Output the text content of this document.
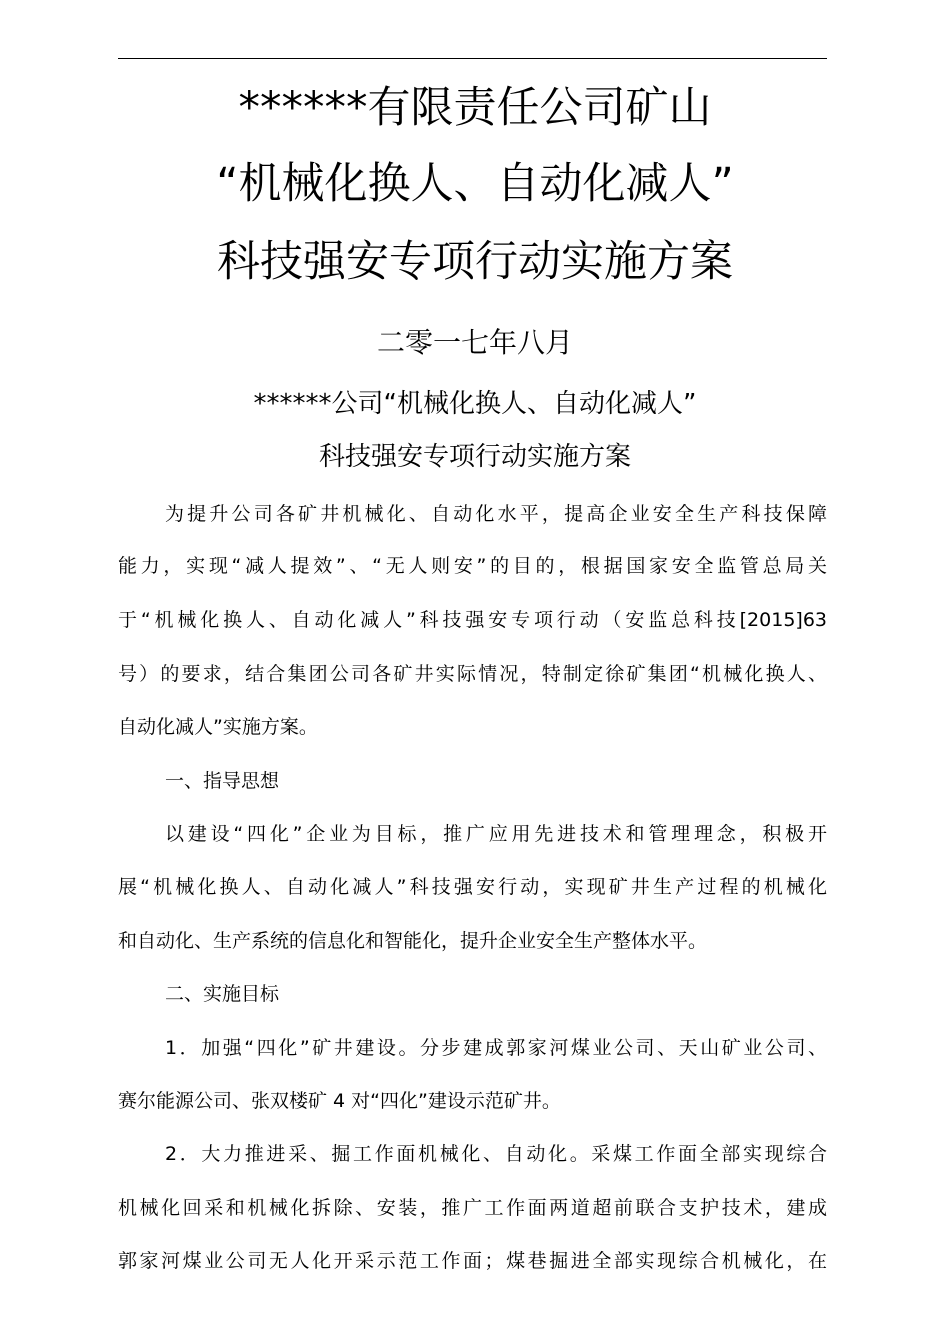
******有限责任公司矿山
“机械化换人、自动化减人”
科技强安专项行动实施方案
二零一七年八月
******公司“机械化换人、自动化减人”
科技强安专项行动实施方案
为提升公司各矿井机械化、自动化水平，提高企业安全生产科技保障
能力，实现“减人提效”、“无人则安”的目的，根据国家安全监管总局关
于“机械化换人、自动化减人”科技强安专项行动（安监总科技[2015]63
号）的要求，结合集团公司各矿井实际情况，特制定徐矿集团“机械化换人、
自动化减人”实施方案。
一、指导思想
以建设“四化”企业为目标，推广应用先进技术和管理理念，积极开
展“机械化换人、自动化减人”科技强安行动，实现矿井生产过程的机械化
和自动化、生产系统的信息化和智能化，提升企业安全生产整体水平。
二、实施目标
1．加强“四化”矿井建设。分步建成郭家河煤业公司、天山矿业公司、
赛尔能源公司、张双楼矿 4 对“四化”建设示范矿井。
2．大力推进采、掘工作面机械化、自动化。采煤工作面全部实现综合
机械化回采和机械化拆除、安装，推广工作面两道超前联合支护技术，建成
郭家河煤业公司无人化开采示范工作面；煤巷掘进全部实现综合机械化，在
